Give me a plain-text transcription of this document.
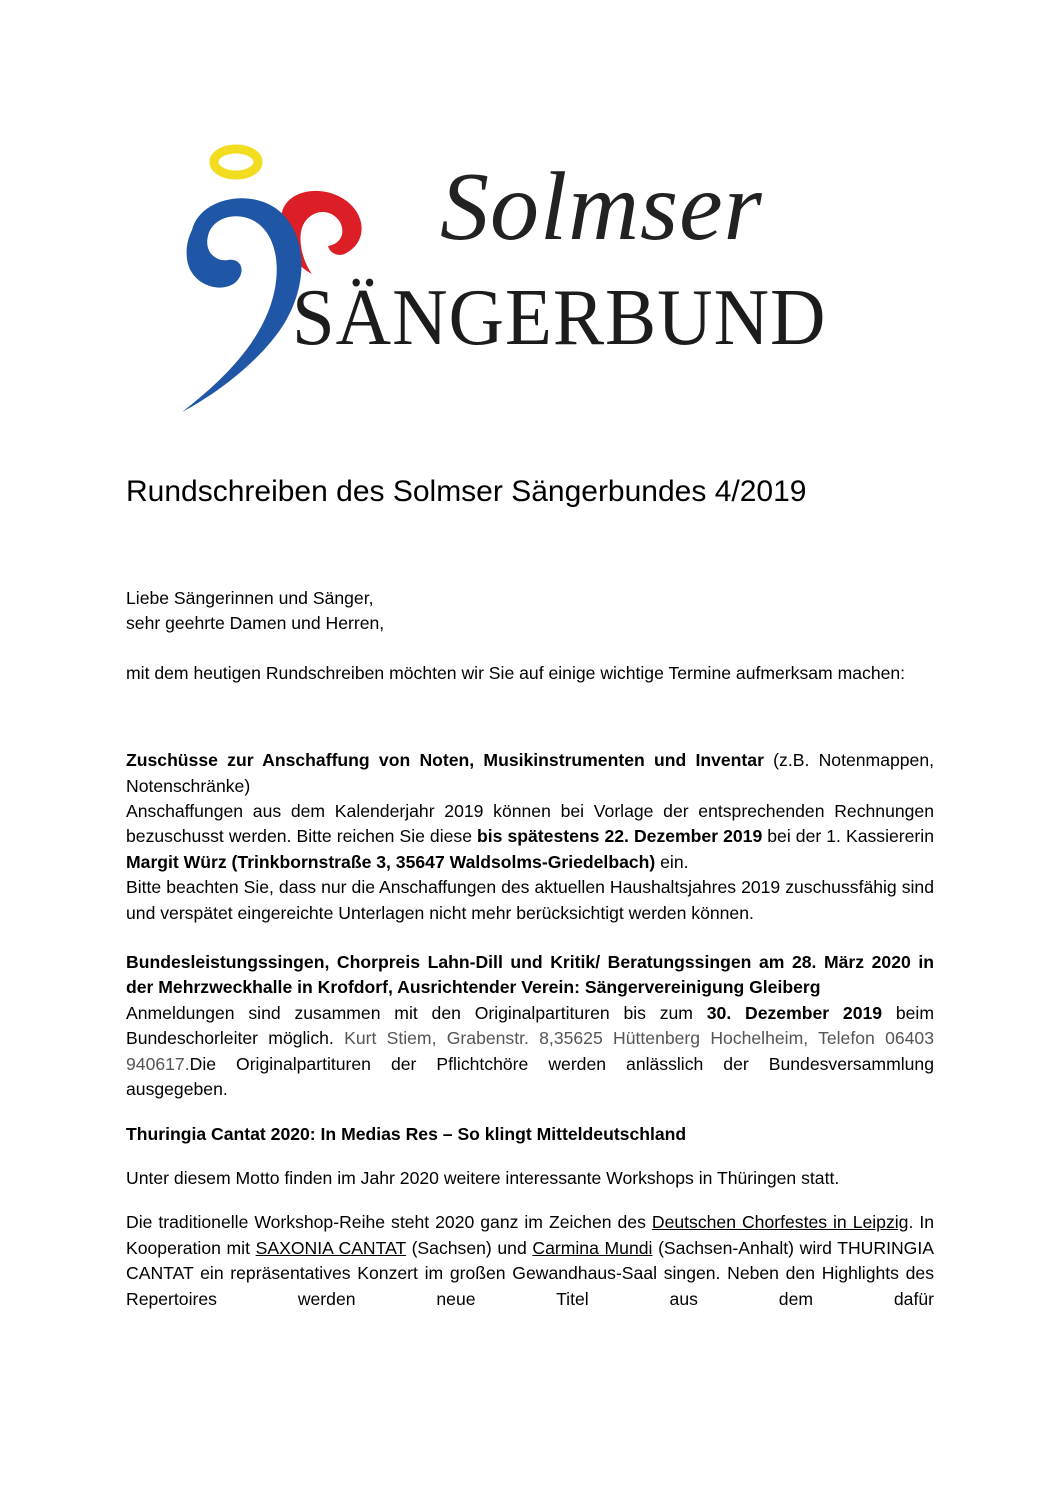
Solmser
SÄNGERBUND
Rundschreiben des Solmser Sängerbundes 4/2019

Liebe Sängerinnen und Sänger,

sehr geehrte Damen und Herren,

mit dem heutigen Rundschreiben möchten wir Sie auf einige wichtige Termine aufmerksam machen:

Zuschüsse zur Anschaffung von Noten, Musikinstrumenten und Inventar (z.B. Notenmappen, Notenschränke)

Anschaffungen aus dem Kalenderjahr 2019 können bei Vorlage der entsprechenden Rechnungen bezuschusst werden. Bitte reichen Sie diese bis spätestens 22. Dezember 2019 bei der 1. Kassiererin Margit Würz (Trinkbornstraße 3, 35647 Waldsolms-Griedelbach) ein.

Bitte beachten Sie, dass nur die Anschaffungen des aktuellen Haushaltsjahres 2019 zuschussfähig sind und verspätet eingereichte Unterlagen nicht mehr berücksichtigt werden können.

Bundesleistungssingen, Chorpreis Lahn-Dill und Kritik/ Beratungssingen am 28. März 2020 in der Mehrzweckhalle in Krofdorf, Ausrichtender Verein: Sängervereinigung Gleiberg

Anmeldungen sind zusammen mit den Originalpartituren bis zum 30. Dezember 2019 beim Bundeschorleiter möglich. Kurt Stiem, Grabenstr. 8,35625 Hüttenberg Hochelheim, Telefon 06403 940617.Die Originalpartituren der Pflichtchöre werden anlässlich der Bundesversammlung ausgegeben.

Thuringia Cantat 2020: In Medias Res – So klingt Mitteldeutschland

Unter diesem Motto finden im Jahr 2020 weitere interessante Workshops in Thüringen statt.

Die traditionelle Workshop-Reihe steht 2020 ganz im Zeichen des Deutschen Chorfestes in Leipzig. In Kooperation mit SAXONIA CANTAT (Sachsen) und Carmina Mundi (Sachsen-Anhalt) wird THURINGIA CANTAT ein repräsentatives Konzert im großen Gewandhaus-Saal singen. Neben den Highlights des Repertoires werden neue Titel aus dem dafür
